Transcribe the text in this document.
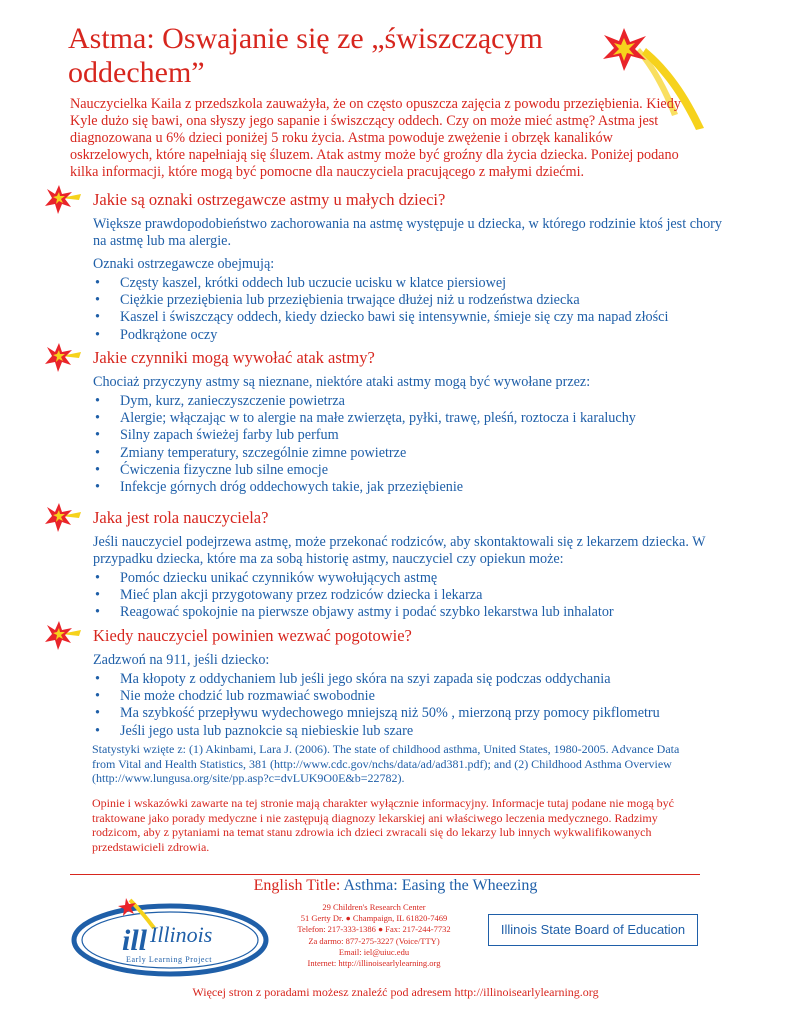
Astma: Oswajanie się ze „świszczącym oddechem”

Nauczycielka Kaila z przedszkola zauważyła, że on często opuszcza zajęcia z powodu przeziębienia. Kiedy Kyle dużo się bawi, ona słyszy jego sapanie i świszczący oddech. Czy on może mieć astmę? Astma jest diagnozowana u 6% dzieci poniżej 5 roku życia. Astma powoduje zwężenie i obrzęk kanalików oskrzelowych, które napełniają się śluzem. Atak astmy może być groźny dla życia dziecka. Poniżej podano kilka informacji, które mogą być pomocne dla nauczyciela pracującego z małymi dziećmi.

Jakie są oznaki ostrzegawcze astmy u małych dzieci?

Większe prawdopodobieństwo zachorowania na astmę występuje u dziecka, w którego rodzinie ktoś jest chory na astmę lub ma alergie.

Oznaki ostrzegawcze obejmują:

• Częsty kaszel, krótki oddech lub uczucie ucisku w klatce piersiowej
• Ciężkie przeziębienia lub przeziębienia trwające dłużej niż u rodzeństwa dziecka
• Kaszel i świszczący oddech, kiedy dziecko bawi się intensywnie, śmieje się czy ma napad złości
• Podkrążone oczy
Jakie czynniki mogą wywołać atak astmy?

Chociaż przyczyny astmy są nieznane, niektóre ataki astmy mogą być wywołane przez:

• Dym, kurz, zanieczyszczenie powietrza
• Alergie; włączając w to alergie na małe zwierzęta, pyłki, trawę, pleśń, roztocza i karaluchy
• Silny zapach świeżej farby lub perfum
• Zmiany temperatury, szczególnie zimne powietrze
• Ćwiczenia fizyczne lub silne emocje
• Infekcje górnych dróg oddechowych takie, jak przeziębienie
Jaka jest rola nauczyciela?

Jeśli nauczyciel podejrzewa astmę, może przekonać rodziców, aby skontaktowali się z lekarzem dziecka. W przypadku dziecka, które ma za sobą historię astmy, nauczyciel czy opiekun może:

• Pomóc dziecku unikać czynników wywołujących astmę
• Mieć plan akcji przygotowany przez rodziców dziecka i lekarza
• Reagować spokojnie na pierwsze objawy astmy i podać szybko lekarstwa lub inhalator
Kiedy nauczyciel powinien wezwać pogotowie?

Zadzwoń na 911, jeśli dziecko:

• Ma kłopoty z oddychaniem lub jeśli jego skóra na szyi zapada się podczas oddychania
• Nie może chodzić lub rozmawiać swobodnie
• Ma szybkość przepływu wydechowego mniejszą niż 50% , mierzoną przy pomocy pikflometru
• Jeśli jego usta lub paznokcie są niebieskie lub szare

Statystyki wzięte z: (1) Akinbami, Lara J. (2006). The state of childhood asthma, United States, 1980-2005. Advance Data from Vital and Health Statistics, 381 (http://www.cdc.gov/nchs/data/ad/ad381.pdf); and (2) Childhood Asthma Overview (http://www.lungusa.org/site/pp.asp?c=dvLUK9O0E&b=22782).

Opinie i wskazówki zawarte na tej stronie mają charakter wyłącznie informacyjny. Informacje tutaj podane nie mogą być traktowane jako porady medyczne i nie zastępują diagnozy lekarskiej ani właściwego leczenia medycznego. Radzimy rodzicom, aby z pytaniami na temat stanu zdrowia ich dzieci zwracali się do lekarzy lub innych wykwalifikowanych przedstawicieli zdrowia.

English Title: Asthma: Easing the Wheezing

ill Illinois
Early Learning Project
29 Children's Research Center
51 Gerty Dr. ● Champaign, IL 61820-7469
Telefon: 217-333-1386 ● Fax: 217-244-7732
Za darmo: 877-275-3227 (Voice/TTY)
Email: iel@uiuc.edu
Internet: http://illinoisearlylearning.org
Illinois State Board of Education

Więcej stron z poradami możesz znaleźć pod adresem http://illinoisearlylearning.org
